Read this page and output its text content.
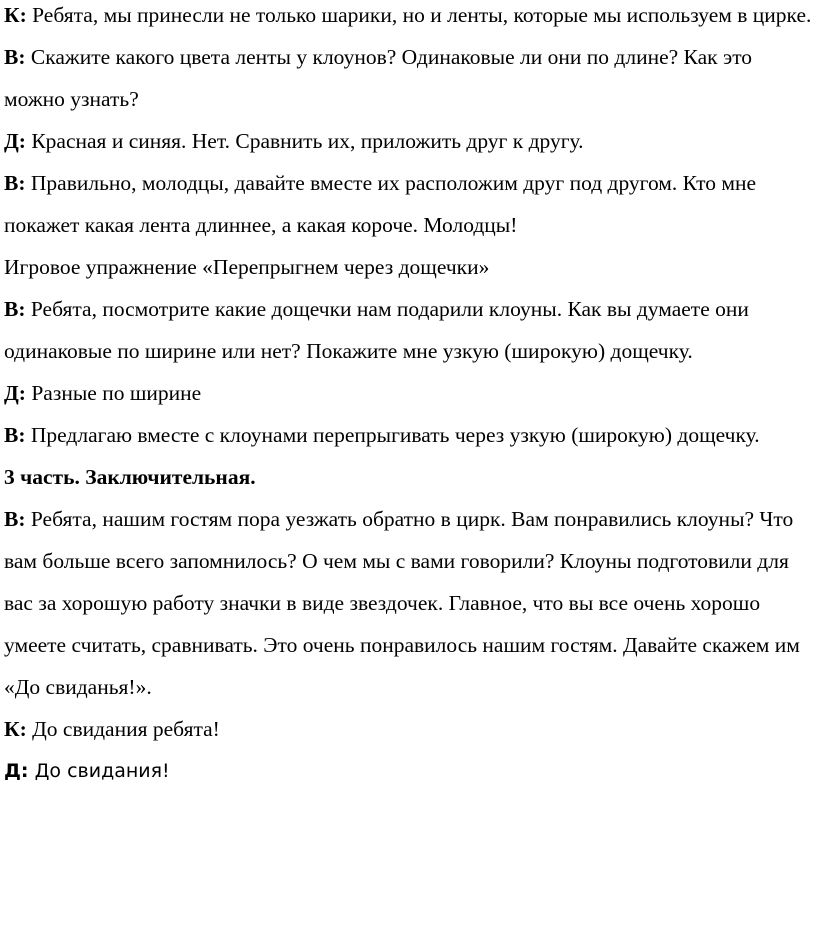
К: Ребята, мы принесли не только шарики, но и ленты, которые мы используем в цирке.

В: Скажите какого цвета ленты у клоунов? Одинаковые ли они по длине? Как это можно узнать?

Д: Красная и синяя. Нет. Сравнить их, приложить друг к другу.

В: Правильно, молодцы, давайте вместе их расположим друг под другом. Кто мне покажет какая лента длиннее, а какая короче. Молодцы!

Игровое упражнение «Перепрыгнем через дощечки»

В: Ребята, посмотрите какие дощечки нам подарили клоуны. Как вы думаете они одинаковые по ширине или нет? Покажите мне узкую (широкую) дощечку.

Д: Разные по ширине

В: Предлагаю вместе с клоунами перепрыгивать через узкую (широкую) дощечку.

3 часть. Заключительная.

В: Ребята, нашим гостям пора уезжать обратно в цирк. Вам понравились клоуны? Что вам больше всего запомнилось? О чем мы с вами говорили? Клоуны подготовили для вас за хорошую работу значки в виде звездочек. Главное, что вы все очень хорошо умеете считать, сравнивать. Это очень понравилось нашим гостям. Давайте скажем им «До свиданья!».

К: До свидания ребята!

Д: До свидания!
